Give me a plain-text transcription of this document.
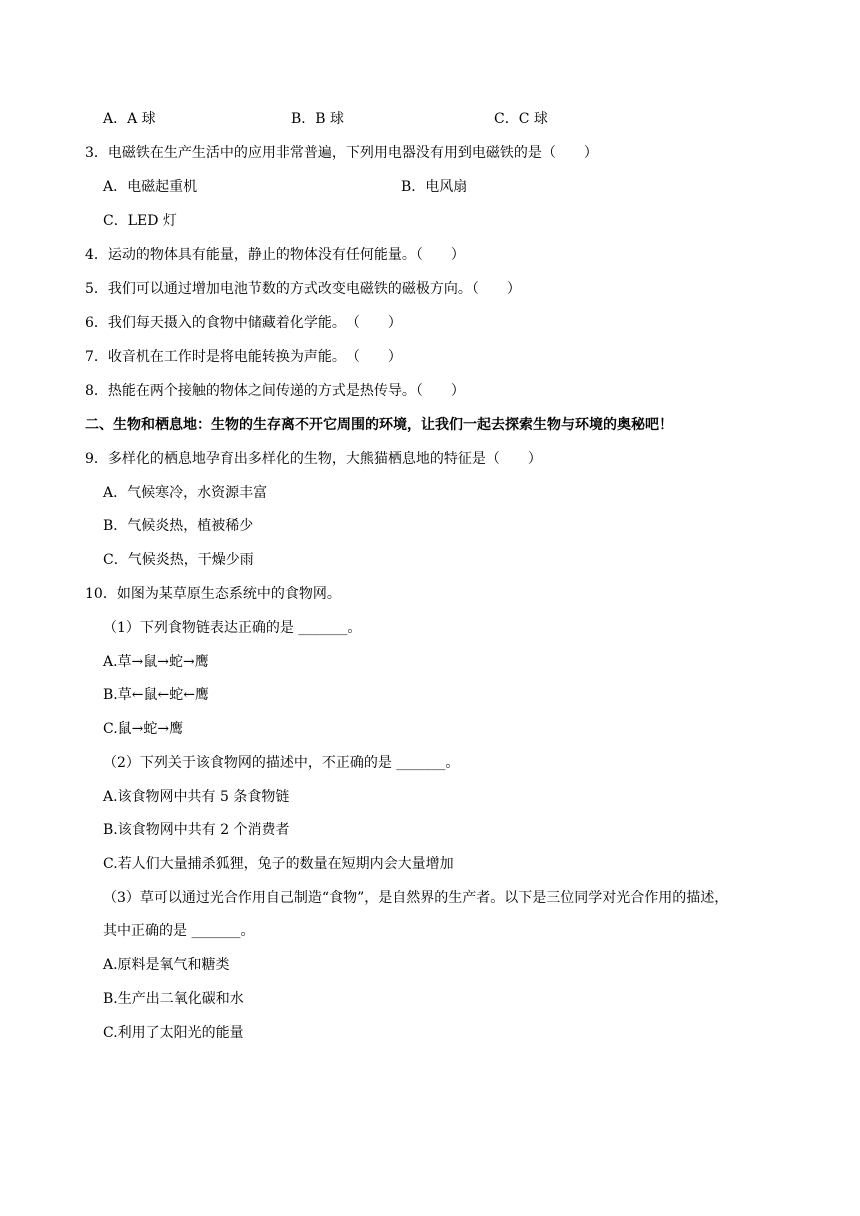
A．A 球	B．B 球	C．C 球
3．电磁铁在生产生活中的应用非常普遍，下列用电器没有用到电磁铁的是（　　）
A．电磁起重机	B．电风扇
C．LED 灯
4．运动的物体具有能量，静止的物体没有任何能量。（　　）
5．我们可以通过增加电池节数的方式改变电磁铁的磁极方向。（　　）
6．我们每天摄入的食物中储藏着化学能。　（　　）
7．收音机在工作时是将电能转换为声能。　（　　）
8．热能在两个接触的物体之间传递的方式是热传导。（　　）
二、生物和栖息地：生物的生存离不开它周围的环境，让我们一起去探索生物与环境的奥秘吧！
9．多样化的栖息地孕育出多样化的生物，大熊猫栖息地的特征是（　　）
A．气候寒冷，水资源丰富
B．气候炎热，植被稀少
C．气候炎热，干燥少雨
10．如图为某草原生态系统中的食物网。
（1）下列食物链表达正确的是 _______。
A.草→鼠→蛇→鹰
B.草←鼠←蛇←鹰
C.鼠→蛇→鹰
（2）下列关于该食物网的描述中，不正确的是 _______。
A.该食物网中共有 5 条食物链
B.该食物网中共有 2 个消费者
C.若人们大量捕杀狐狸，兔子的数量在短期内会大量增加
（3）草可以通过光合作用自己制造“食物”，是自然界的生产者。以下是三位同学对光合作用的描述，
其中正确的是 _______。
A.原料是氧气和糖类
B.生产出二氧化碳和水
C.利用了太阳光的能量
